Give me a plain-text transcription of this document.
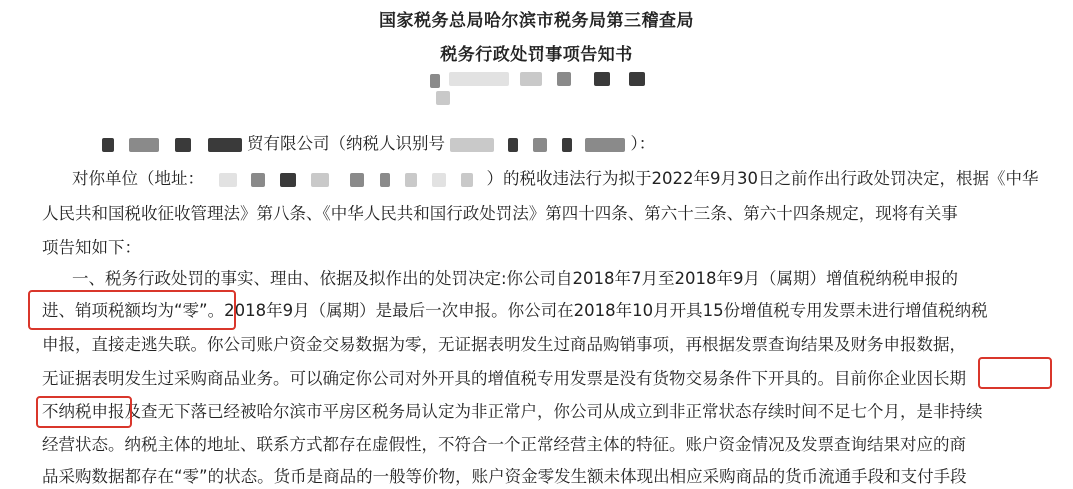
国家税务总局哈尔滨市税务局第三稽查局
税务行政处罚事项告知书

贸有限公司（纳税人识别号	）：
对你单位（地址：	）的税收违法行为拟于2022年9月30日之前作出行政处罚决定，根据《中华
人民共和国税收征收管理法》第八条、《中华人民共和国行政处罚法》第四十四条、第六十三条、第六十四条规定，现将有关事
项告知如下：
一、税务行政处罚的事实、理由、依据及拟作出的处罚决定:你公司自2018年7月至2018年9月（属期）增值税纳税申报的
进、销项税额均为“零”。2018年9月（属期）是最后一次申报。你公司在2018年10月开具15份增值税专用发票未进行增值税纳税
申报，直接走逃失联。你公司账户资金交易数据为零，无证据表明发生过商品购销事项，再根据发票查询结果及财务申报数据，
无证据表明发生过采购商品业务。可以确定你公司对外开具的增值税专用发票是没有货物交易条件下开具的。目前你企业因长期
不纳税申报及查无下落已经被哈尔滨市平房区税务局认定为非正常户，你公司从成立到非正常状态存续时间不足七个月，是非持续
经营状态。纳税主体的地址、联系方式都存在虚假性，不符合一个正常经营主体的特征。账户资金情况及发票查询结果对应的商
品采购数据都存在“零”的状态。货币是商品的一般等价物，账户资金零发生额未体现出相应采购商品的货币流通手段和支付手段
